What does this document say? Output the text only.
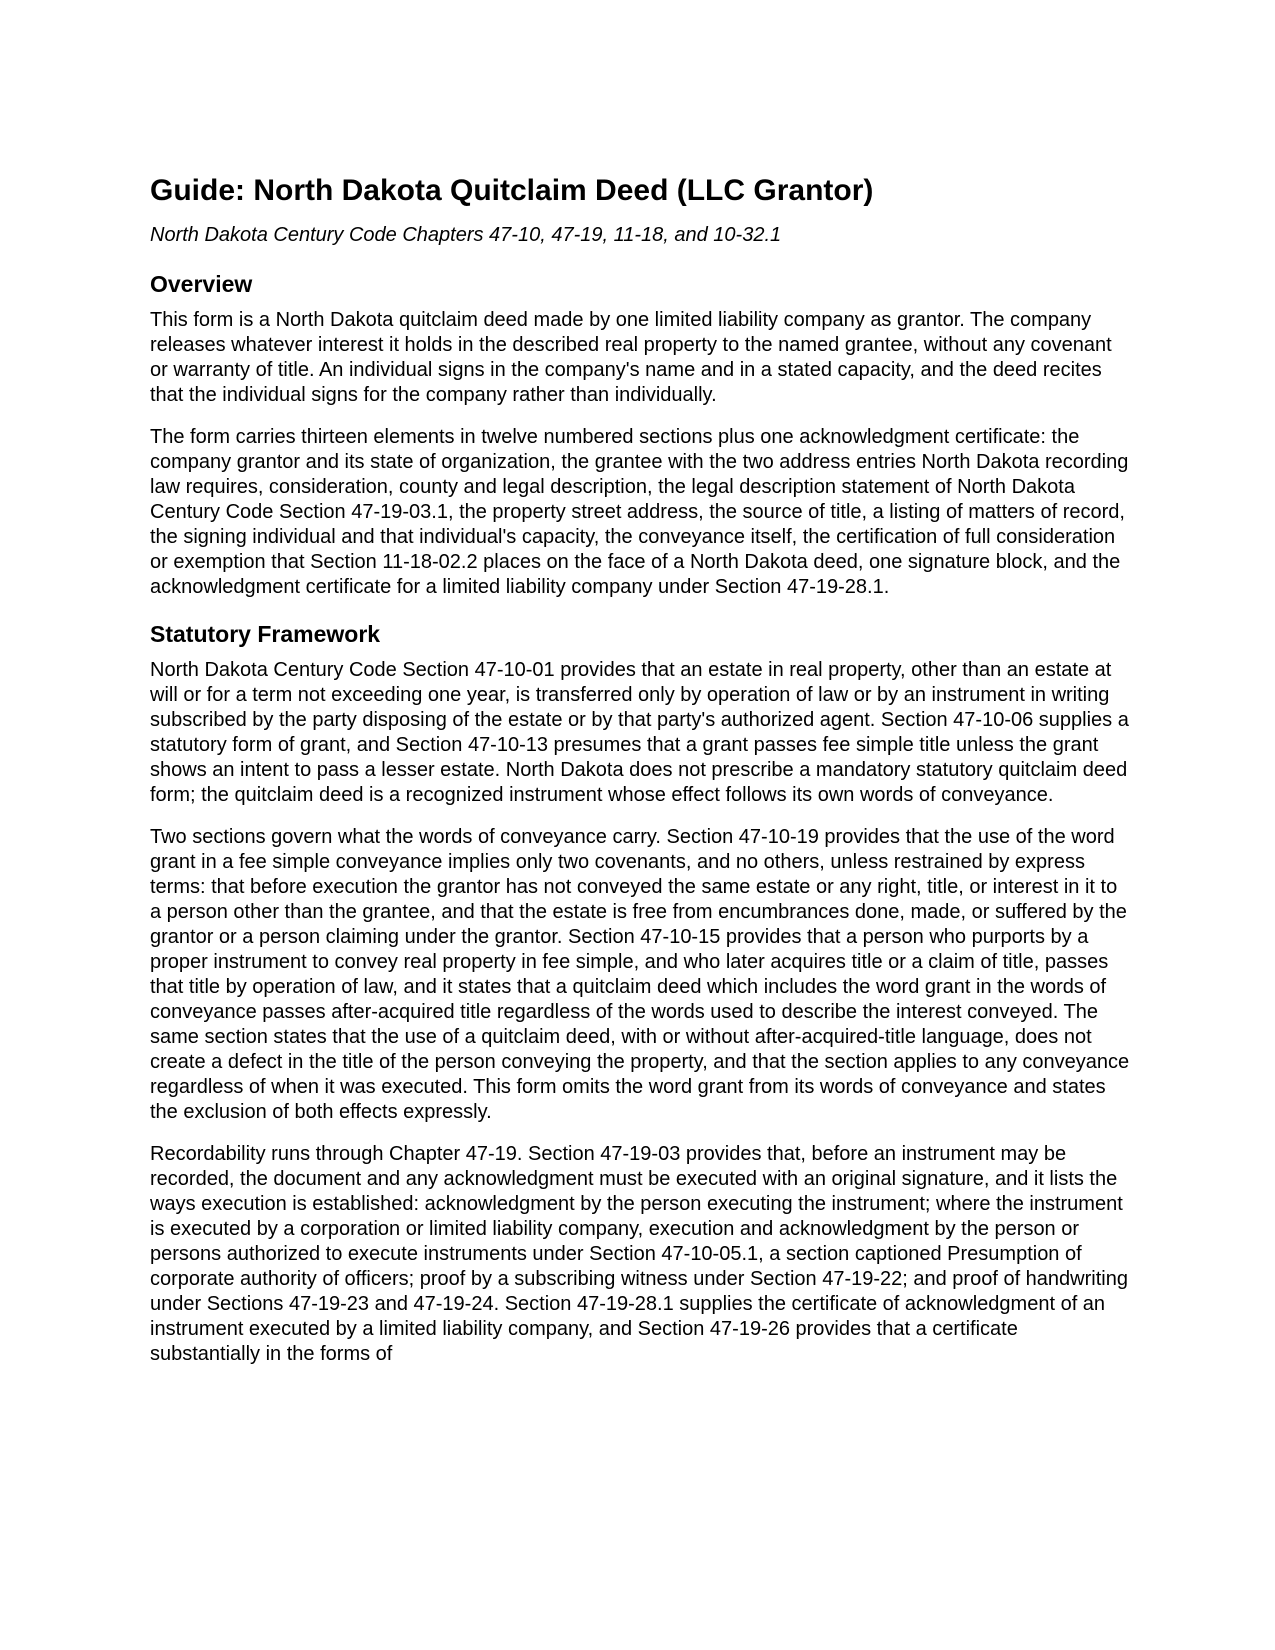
Guide: North Dakota Quitclaim Deed (LLC Grantor)

North Dakota Century Code Chapters 47-10, 47-19, 11-18, and 10-32.1

Overview

This form is a North Dakota quitclaim deed made by one limited liability company as grantor. The company releases whatever interest it holds in the described real property to the named grantee, without any covenant or warranty of title. An individual signs in the company's name and in a stated capacity, and the deed recites that the individual signs for the company rather than individually.

The form carries thirteen elements in twelve numbered sections plus one acknowledgment certificate: the company grantor and its state of organization, the grantee with the two address entries North Dakota recording law requires, consideration, county and legal description, the legal description statement of North Dakota Century Code Section 47-19-03.1, the property street address, the source of title, a listing of matters of record, the signing individual and that individual's capacity, the conveyance itself, the certification of full consideration or exemption that Section 11-18-02.2 places on the face of a North Dakota deed, one signature block, and the acknowledgment certificate for a limited liability company under Section 47-19-28.1.

Statutory Framework

North Dakota Century Code Section 47-10-01 provides that an estate in real property, other than an estate at will or for a term not exceeding one year, is transferred only by operation of law or by an instrument in writing subscribed by the party disposing of the estate or by that party's authorized agent. Section 47-10-06 supplies a statutory form of grant, and Section 47-10-13 presumes that a grant passes fee simple title unless the grant shows an intent to pass a lesser estate. North Dakota does not prescribe a mandatory statutory quitclaim deed form; the quitclaim deed is a recognized instrument whose effect follows its own words of conveyance.

Two sections govern what the words of conveyance carry. Section 47-10-19 provides that the use of the word grant in a fee simple conveyance implies only two covenants, and no others, unless restrained by express terms: that before execution the grantor has not conveyed the same estate or any right, title, or interest in it to a person other than the grantee, and that the estate is free from encumbrances done, made, or suffered by the grantor or a person claiming under the grantor. Section 47-10-15 provides that a person who purports by a proper instrument to convey real property in fee simple, and who later acquires title or a claim of title, passes that title by operation of law, and it states that a quitclaim deed which includes the word grant in the words of conveyance passes after-acquired title regardless of the words used to describe the interest conveyed. The same section states that the use of a quitclaim deed, with or without after-acquired-title language, does not create a defect in the title of the person conveying the property, and that the section applies to any conveyance regardless of when it was executed. This form omits the word grant from its words of conveyance and states the exclusion of both effects expressly.

Recordability runs through Chapter 47-19. Section 47-19-03 provides that, before an instrument may be recorded, the document and any acknowledgment must be executed with an original signature, and it lists the ways execution is established: acknowledgment by the person executing the instrument; where the instrument is executed by a corporation or limited liability company, execution and acknowledgment by the person or persons authorized to execute instruments under Section 47-10-05.1, a section captioned Presumption of corporate authority of officers; proof by a subscribing witness under Section 47-19-22; and proof of handwriting under Sections 47-19-23 and 47-19-24. Section 47-19-28.1 supplies the certificate of acknowledgment of an instrument executed by a limited liability company, and Section 47-19-26 provides that a certificate substantially in the forms of
